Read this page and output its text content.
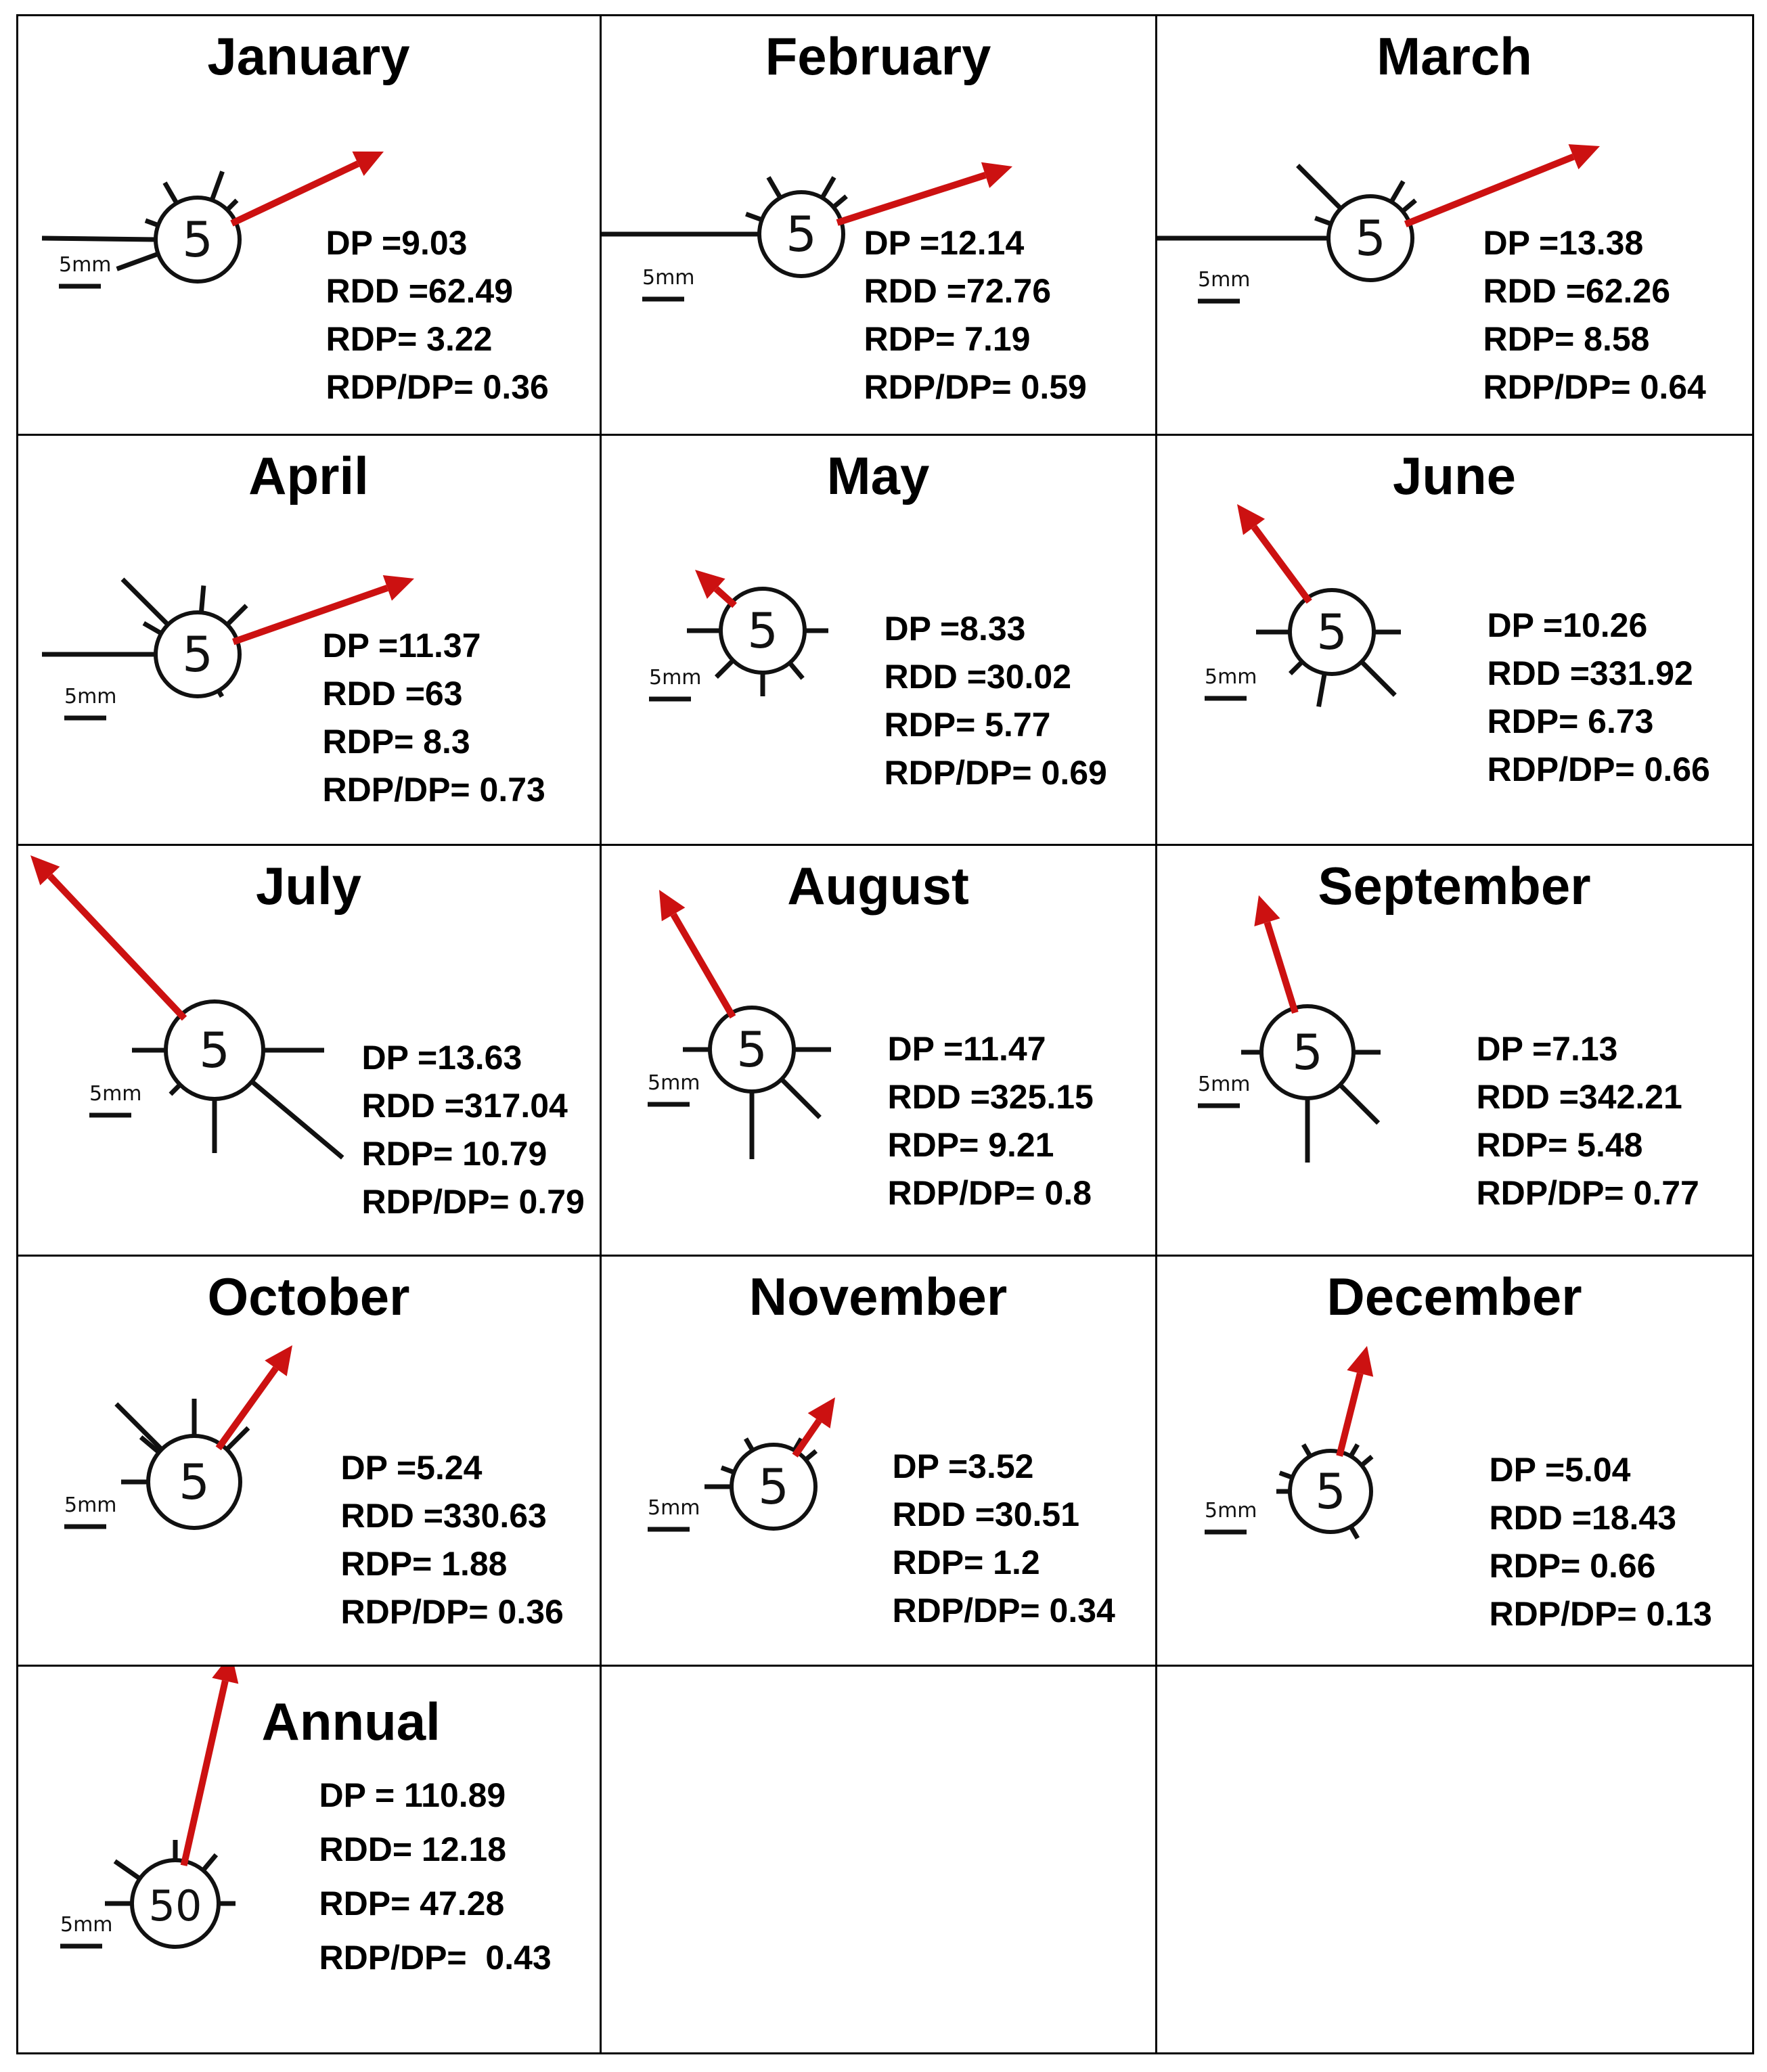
January
5
5mm
DP =9.03
RDD =62.49
RDP= 3.22
RDP/DP= 0.36
February
5
5mm
DP =12.14
RDD =72.76
RDP= 7.19
RDP/DP= 0.59
March
5
5mm
DP =13.38
RDD =62.26
RDP= 8.58
RDP/DP= 0.64
April
5
5mm
DP =11.37
RDD =63
RDP= 8.3
RDP/DP= 0.73
May
5
5mm
DP =8.33
RDD =30.02
RDP= 5.77
RDP/DP= 0.69
June
5
5mm
DP =10.26
RDD =331.92
RDP= 6.73
RDP/DP= 0.66
July
5
5mm
DP =13.63
RDD =317.04
RDP= 10.79
RDP/DP= 0.79
August
5
5mm
DP =11.47
RDD =325.15
RDP= 9.21
RDP/DP= 0.8
September
5
5mm
DP =7.13
RDD =342.21
RDP= 5.48
RDP/DP= 0.77
October
5
5mm
DP =5.24
RDD =330.63
RDP= 1.88
RDP/DP= 0.36
November
5
5mm
DP =3.52
RDD =30.51
RDP= 1.2
RDP/DP= 0.34
December
5
5mm
DP =5.04
RDD =18.43
RDP= 0.66
RDP/DP= 0.13
Annual
50
5mm
DP = 110.89
RDD= 12.18
RDP= 47.28
RDP/DP=  0.43
